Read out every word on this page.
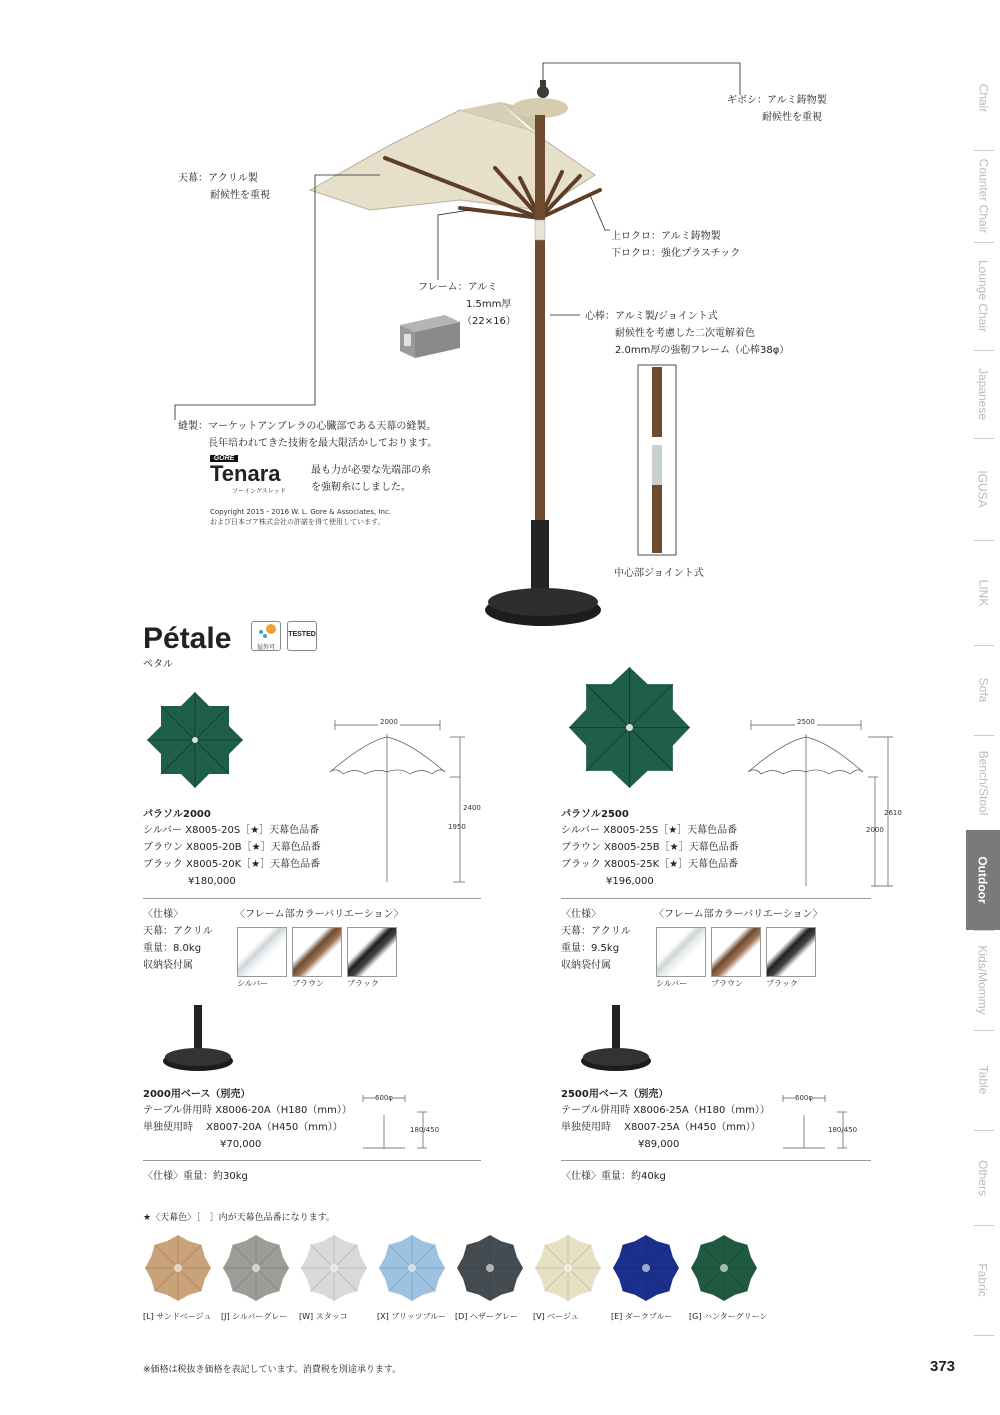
ギボシ：アルミ鋳物製

耐候性を重視

天幕：アクリル製

耐候性を重視

上ロクロ：アルミ鋳物製

下ロクロ：強化プラスチック

フレーム：アルミ

1.5mm厚

（22×16）	心棒：アルミ製/ジョイント式

耐候性を考慮した二次電解着色

2.0mm厚の強靭フレーム（心棒38φ）

中心部ジョイント式

縫製：マーケットアンブレラの心臓部である天幕の縫製。

長年培われてきた技術を最大限活かしております。

GORE
Tenara
ソーイングスレッド

最も力が必要な先端部の糸

を強靭糸にしました。

Copyright 2015・2016 W. L. Gore & Associates, Inc.

および日本ゴア株式会社の許諾を得て使用しています。

Pétale
ペタル
屋外可
TESTED
2000
2400
1950
パラソル2000
シルバー X8005-20S［★］天幕色品番
ブラウン X8005-20B［★］天幕色品番
ブラック X8005-20K［★］天幕色品番
¥180,000
〈仕様〉
天幕：アクリル
重量：8.0kg
収納袋付属
〈フレーム部カラーバリエーション〉
シルバー	ブラウン	ブラック
2000用ベース（別売）
テーブル併用時 X8006-20A（H180（mm））
単独使用時　 X8007-20A（H450（mm））
¥70,000
600φ
180/450
〈仕様〉重量：約30kg
2500
2610
2000
パラソル2500
シルバー X8005-25S［★］天幕色品番
ブラウン X8005-25B［★］天幕色品番
ブラック X8005-25K［★］天幕色品番
¥196,000
〈仕様〉
天幕：アクリル
重量：9.5kg
収納袋付属
〈フレーム部カラーバリエーション〉
シルバー	ブラウン	ブラック
2500用ベース（別売）
テーブル併用時 X8006-25A（H180（mm））
単独使用時　 X8007-25A（H450（mm））
¥89,000
600φ
180/450
〈仕様〉重量：約40kg
★〈天幕色〉［　］内が天幕色品番になります。
[L] サンドベージュ [J] シルバーグレー [W] スタッコ	[X] ブリッツブルー [D] ヘザーグレー [V] ベージュ	[E] ダークブルー [G] ハンターグリーン
※価格は税抜き価格を表記しています。消費税を別途承ります。	373
Chair
Counter Chair
Lounge Chair
Japanese
IGUSA
LINK
Sofa
Bench/Stool
Outdoor
Kids/Mommy
Table
Others
Fabric
